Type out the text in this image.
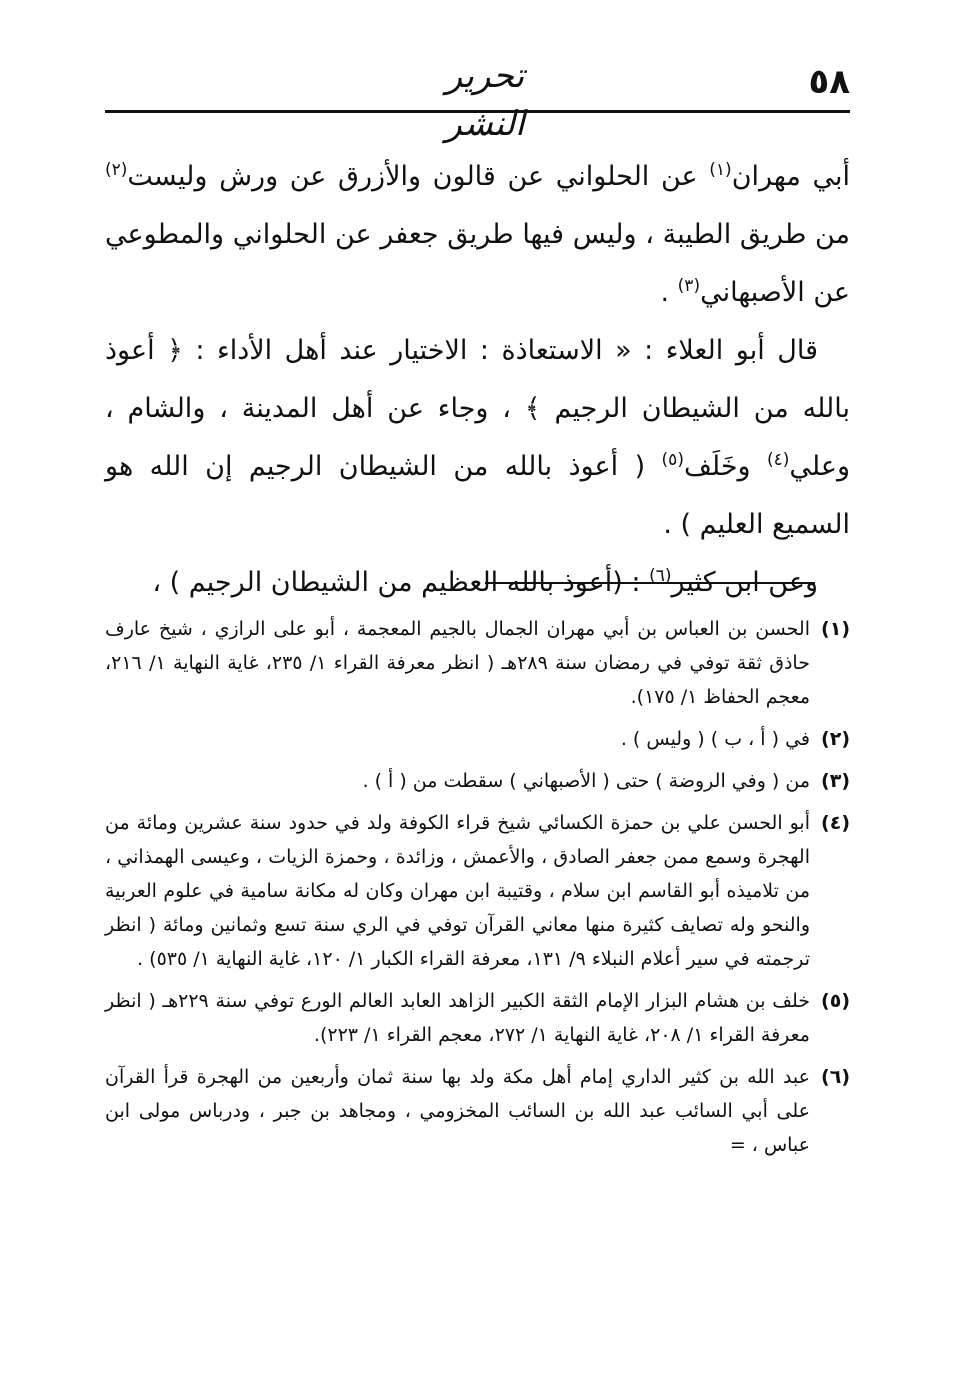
تحرير النشر
٥٨

أبي مهران$^{(١)}$ عن الحلواني عن قالون والأزرق عن ورش وليست$^{(٢)}$ من طريق الطيبة ، وليس فيها طريق جعفر عن الحلواني والمطوعي عن الأصبهاني$^{(٣)}$ .

قال أبو العلاء : « الاستعاذة : الاختيار عند أهل الأداء : ﴿ أعوذ بالله من الشيطان الرجيم ﴾ ، وجاء عن أهل المدينة ، والشام ، وعلي$^{(٤)}$ وخَلَف$^{(٥)}$ ( أعوذ بالله من الشيطان الرجيم إن الله هو السميع العليم ) .

وعن ابن كثير$^{(٦)}$ : (أعوذ بالله العظيم من الشيطان الرجيم ) ،

(١)
الحسن بن العباس بن أبي مهران الجمال بالجيم المعجمة ، أبو على الرازي ، شيخ عارف حاذق ثقة توفي في رمضان سنة ٢٨٩هـ ( انظر معرفة القراء ١/ ٢٣٥، غاية النهاية ١/ ٢١٦، معجم الحفاظ ١/ ١٧٥).
(٢)
في ( أ ، ب ) ( وليس ) .
(٣)
من ( وفي الروضة ) حتى ( الأصبهاني ) سقطت من ( أ ) .
(٤)
أبو الحسن علي بن حمزة الكسائي شيخ قراء الكوفة ولد في حدود سنة عشرين ومائة من الهجرة وسمع ممن جعفر الصادق ، والأعمش ، وزائدة ، وحمزة الزيات ، وعيسى الهمذاني ، من تلاميذه أبو القاسم ابن سلام ، وقتيبة ابن مهران وكان له مكانة سامية في علوم العربية والنحو وله تصايف كثيرة منها معاني القرآن توفي في الري سنة تسع وثمانين ومائة ( انظر ترجمته في سير أعلام النبلاء ٩/ ١٣١، معرفة القراء الكبار ١/ ١٢٠، غاية النهاية ١/ ٥٣٥) .
(٥)
خلف بن هشام البزار الإمام الثقة الكبير الزاهد العابد العالم الورع توفي سنة ٢٢٩هـ ( انظر معرفة القراء ١/ ٢٠٨، غاية النهاية ١/ ٢٧٢، معجم القراء ١/ ٢٢٣).
(٦)
عبد الله بن كثير الداري إمام أهل مكة ولد بها سنة ثمان وأربعين من الهجرة قرأ القرآن على أبي السائب عبد الله بن السائب المخزومي ، ومجاهد بن جبر ، ودرباس مولى ابن عباس ، =
